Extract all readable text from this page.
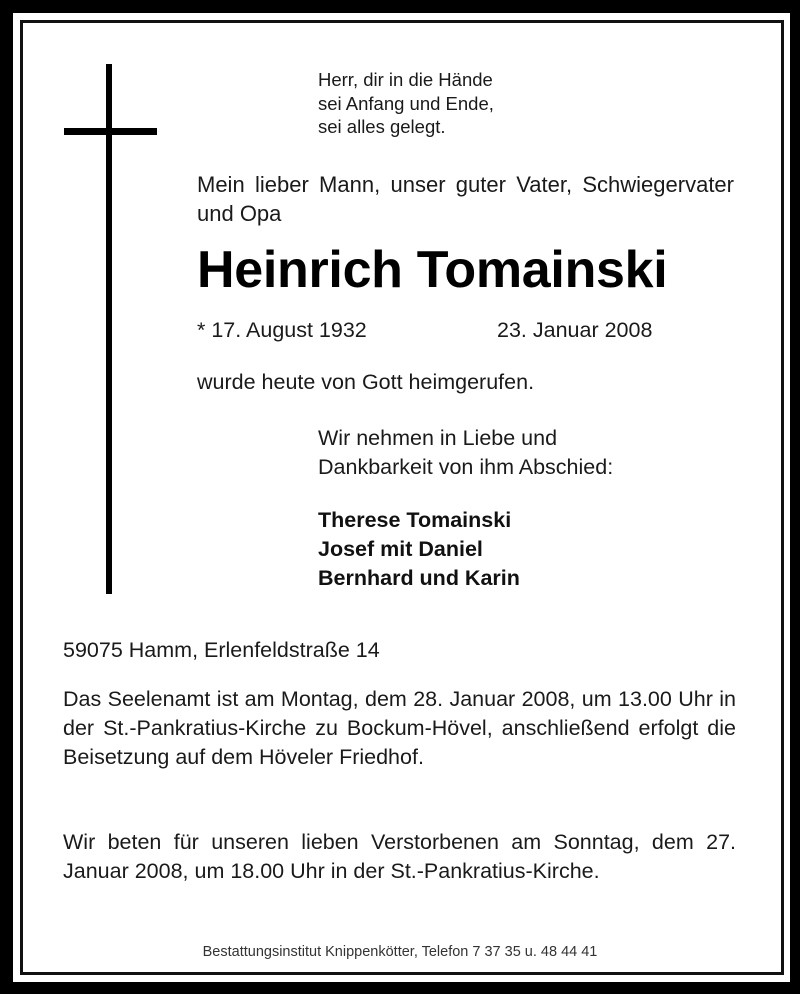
Herr, dir in die Hände
sei Anfang und Ende,
sei alles gelegt.
Mein lieber Mann, unser guter Vater, Schwiegervater und Opa
Heinrich Tomainski
* 17. August 1932	23. Januar 2008
wurde heute von Gott heimgerufen.
Wir nehmen in Liebe und
Dankbarkeit von ihm Abschied:
Therese Tomainski
Josef mit Daniel
Bernhard und Karin
59075 Hamm, Erlenfeldstraße 14
Das Seelenamt ist am Montag, dem 28. Januar 2008, um 13.00 Uhr in der St.-Pankratius-Kirche zu Bockum-Hövel, anschließend erfolgt die Beisetzung auf dem Höveler Friedhof.
Wir beten für unseren lieben Verstorbenen am Sonntag, dem 27. Januar 2008, um 18.00 Uhr in der St.-Pankratius-Kirche.
Bestattungsinstitut Knippenkötter, Telefon 7 37 35 u. 48 44 41
